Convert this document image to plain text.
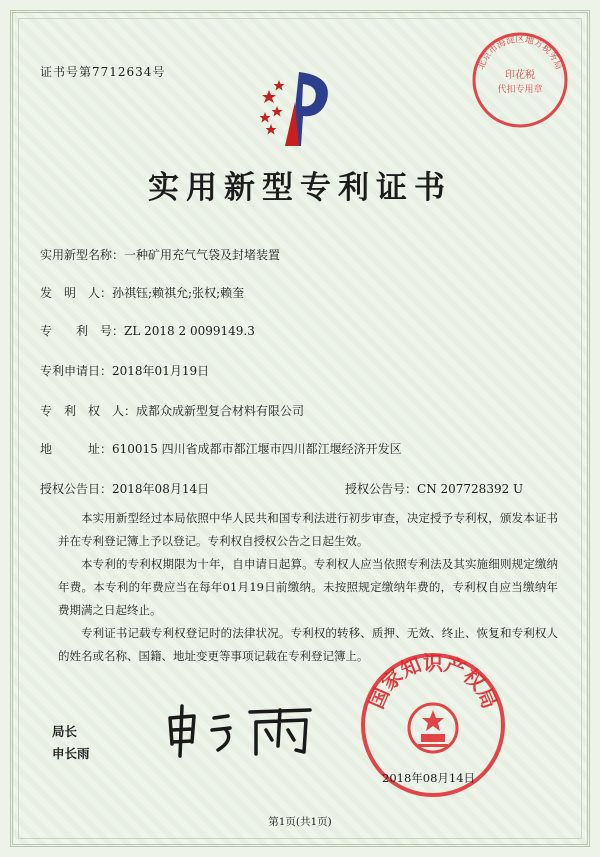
证书号第7712634号	北京市海淀区地方税务局
印花税
代扣专用章
实用新型专利证书
实用新型名称：一种矿用充气气袋及封堵装置
发　明　人：孙祺钰;赖祺允;张权;赖奎
专　　利　号：ZL 2018 2 0099149.3
专利申请日：2018年01月19日
专　利　权　人：成都众成新型复合材料有限公司
地　　　址：610015 四川省成都市都江堰市四川都江堰经济开发区
授权公告日：2018年08月14日	授权公告号：CN 207728392 U

本实用新型经过本局依照中华人民共和国专利法进行初步审查，决定授予专利权，颁发本证书并在专利登记簿上予以登记。专利权自授权公告之日起生效。

本专利的专利权期限为十年，自申请日起算。专利权人应当依照专利法及其实施细则规定缴纳年费。本专利的年费应当在每年01月19日前缴纳。未按照规定缴纳年费的，专利权自应当缴纳年费期满之日起终止。

专利证书记载专利权登记时的法律状况。专利权的转移、质押、无效、终止、恢复和专利权人的姓名或名称、国籍、地址变更等事项记载在专利登记簿上。

局长
申长雨
国家知识产权局
2018年08月14日
第1页(共1页)
